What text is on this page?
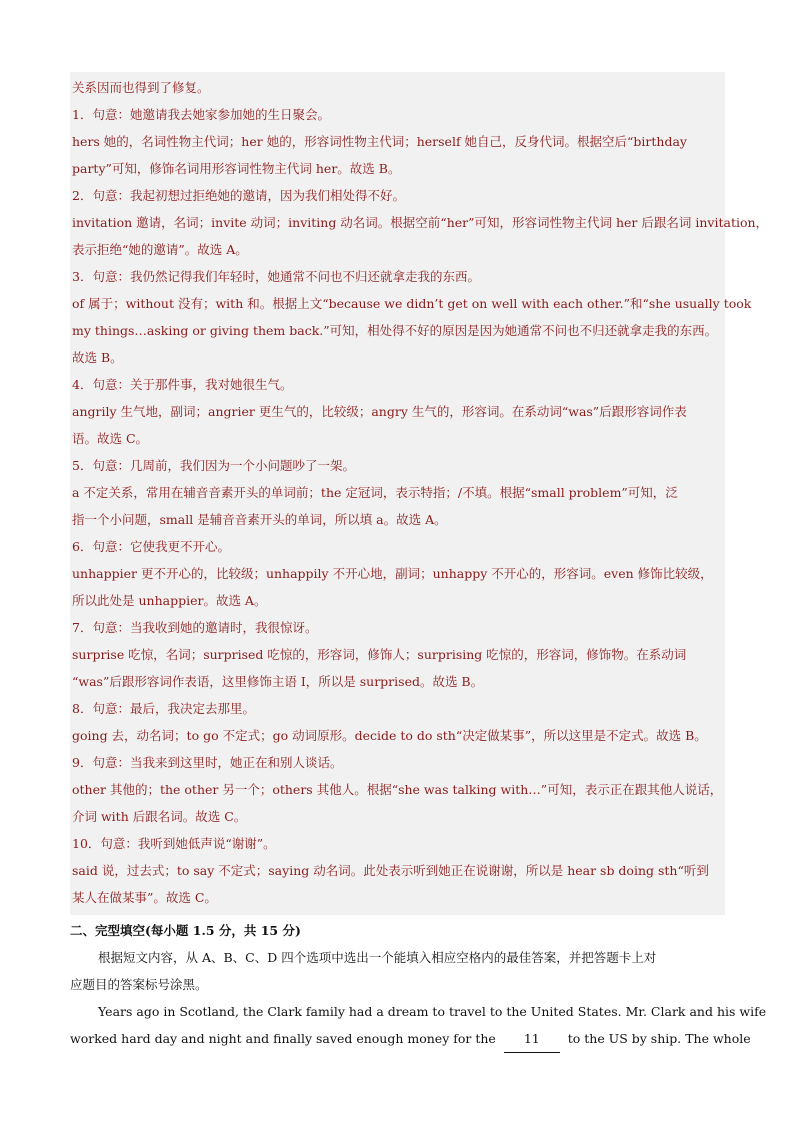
关系因而也得到了修复。
1．句意：她邀请我去她家参加她的生日聚会。
hers 她的，名词性物主代词；her 她的，形容词性物主代词；herself 她自己，反身代词。根据空后“birthday
party”可知，修饰名词用形容词性物主代词 her。故选 B。
2．句意：我起初想过拒绝她的邀请，因为我们相处得不好。
invitation 邀请，名词；invite 动词；inviting 动名词。根据空前“her”可知，形容词性物主代词 her 后跟名词 invitation，
表示拒绝“她的邀请”。故选 A。
3．句意：我仍然记得我们年轻时，她通常不问也不归还就拿走我的东西。
of 属于；without 没有；with 和。根据上文“because we didn’t get on well with each other.”和“she usually took
my things…asking or giving them back.”可知，相处得不好的原因是因为她通常不问也不归还就拿走我的东西。
故选 B。
4．句意：关于那件事，我对她很生气。
angrily 生气地，副词；angrier 更生气的，比较级；angry 生气的，形容词。在系动词“was”后跟形容词作表
语。故选 C。
5．句意：几周前，我们因为一个小问题吵了一架。
a 不定关系，常用在辅音音素开头的单词前；the 定冠词，表示特指；/不填。根据“small problem”可知，泛
指一个小问题，small 是辅音音素开头的单词，所以填 a。故选 A。
6．句意：它使我更不开心。
unhappier 更不开心的，比较级；unhappily 不开心地，副词；unhappy 不开心的，形容词。even 修饰比较级，
所以此处是 unhappier。故选 A。
7．句意：当我收到她的邀请时，我很惊讶。
surprise 吃惊，名词；surprised 吃惊的，形容词，修饰人；surprising 吃惊的，形容词，修饰物。在系动词
“was”后跟形容词作表语，这里修饰主语 I，所以是 surprised。故选 B。
8．句意：最后，我决定去那里。
going 去，动名词；to go 不定式；go 动词原形。decide to do sth“决定做某事”，所以这里是不定式。故选 B。
9．句意：当我来到这里时，她正在和别人谈话。
other 其他的；the other 另一个；others 其他人。根据“she was talking with…”可知，表示正在跟其他人说话，
介词 with 后跟名词。故选 C。
10．句意：我听到她低声说“谢谢”。
said 说，过去式；to say 不定式；saying 动名词。此处表示听到她正在说谢谢，所以是 hear sb doing sth“听到
某人在做某事”。故选 C。
二、完型填空(每小题 1.5 分，共 15 分)
根据短文内容，从 A、B、C、D 四个选项中选出一个能填入相应空格内的最佳答案，并把答题卡上对
应题目的答案标号涂黑。
Years ago in Scotland, the Clark family had a dream to travel to the United States. Mr. Clark and his wife
worked hard day and night and finally saved enough money for the 11 to the US by ship. The whole
